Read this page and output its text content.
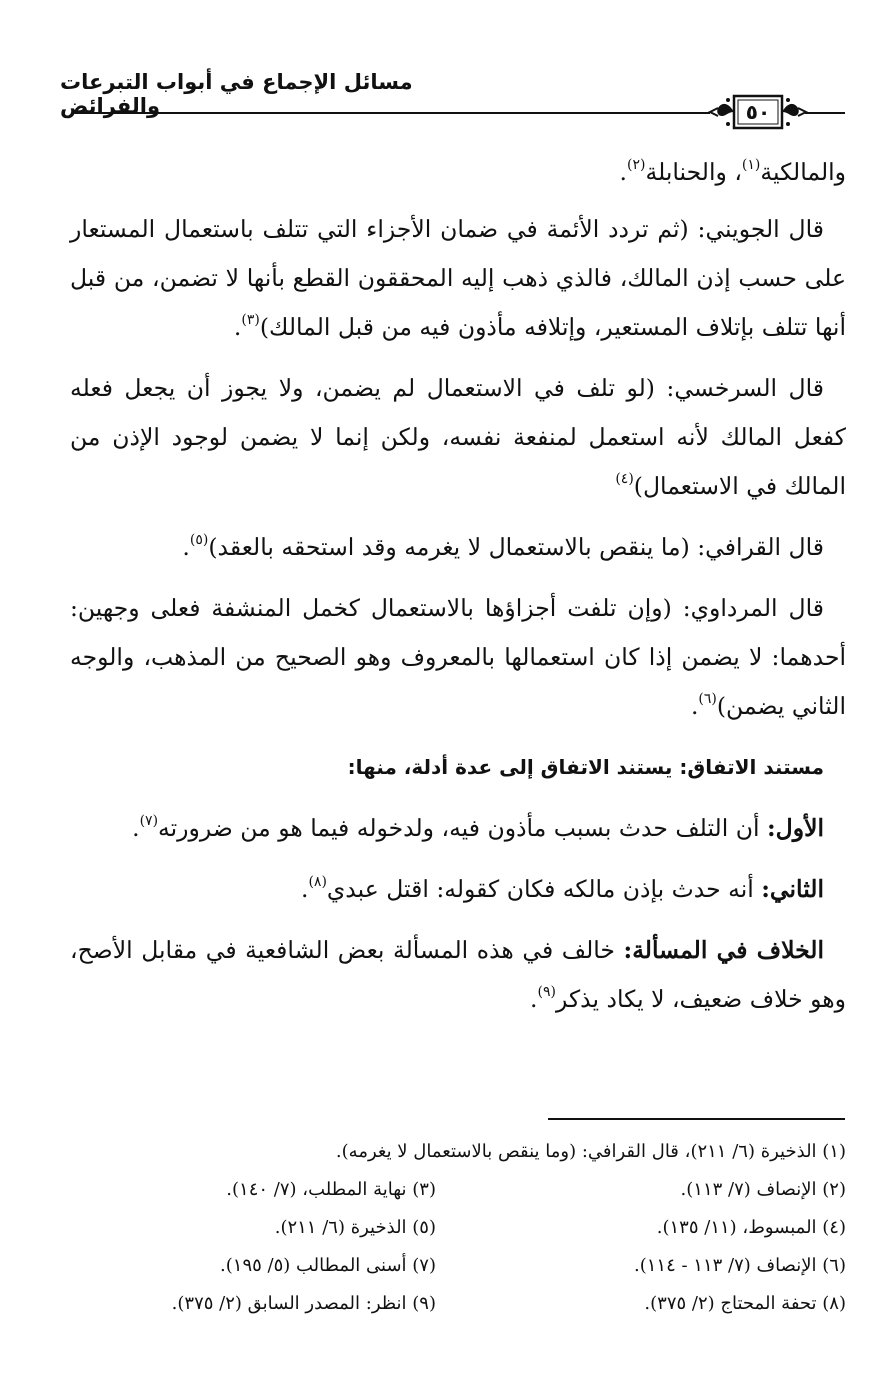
مسائل الإجماع في أبواب التبرعات والفرائض	٥٠

والمالكية$^{(١)}$، والحنابلة$^{(٢)}$.

قال الجويني: (ثم تردد الأئمة في ضمان الأجزاء التي تتلف باستعمال المستعار على حسب إذن المالك، فالذي ذهب إليه المحققون القطع بأنها لا تضمن، من قبل أنها تتلف بإتلاف المستعير، وإتلافه مأذون فيه من قبل المالك)$^{(٣)}$.

قال السرخسي: (لو تلف في الاستعمال لم يضمن، ولا يجوز أن يجعل فعله كفعل المالك لأنه استعمل لمنفعة نفسه، ولكن إنما لا يضمن لوجود الإذن من المالك في الاستعمال)$^{(٤)}$

قال القرافي: (ما ينقص بالاستعمال لا يغرمه وقد استحقه بالعقد)$^{(٥)}$.

قال المرداوي: (وإن تلفت أجزاؤها بالاستعمال كخمل المنشفة فعلى وجهين: أحدهما: لا يضمن إذا كان استعمالها بالمعروف وهو الصحيح من المذهب، والوجه الثاني يضمن)$^{(٦)}$.

مستند الاتفاق: يستند الاتفاق إلى عدة أدلة، منها:

الأول: أن التلف حدث بسبب مأذون فيه، ولدخوله فيما هو من ضرورته$^{(٧)}$.

الثاني: أنه حدث بإذن مالكه فكان كقوله: اقتل عبدي$^{(٨)}$.

الخلاف في المسألة: خالف في هذه المسألة بعض الشافعية في مقابل الأصح، وهو خلاف ضعيف، لا يكاد يذكر$^{(٩)}$.

(١) الذخيرة (٦/ ٢١١)، قال القرافي: (وما ينقص بالاستعمال لا يغرمه).
(٢) الإنصاف (٧/ ١١٣).
(٣) نهاية المطلب، (٧/ ١٤٠).
(٤) المبسوط، (١١/ ١٣٥).
(٥) الذخيرة (٦/ ٢١١).
(٦) الإنصاف (٧/ ١١٣ - ١١٤).
(٧) أسنى المطالب (٥/ ١٩٥).
(٨) تحفة المحتاج (٢/ ٣٧٥).
(٩) انظر: المصدر السابق (٢/ ٣٧٥).
